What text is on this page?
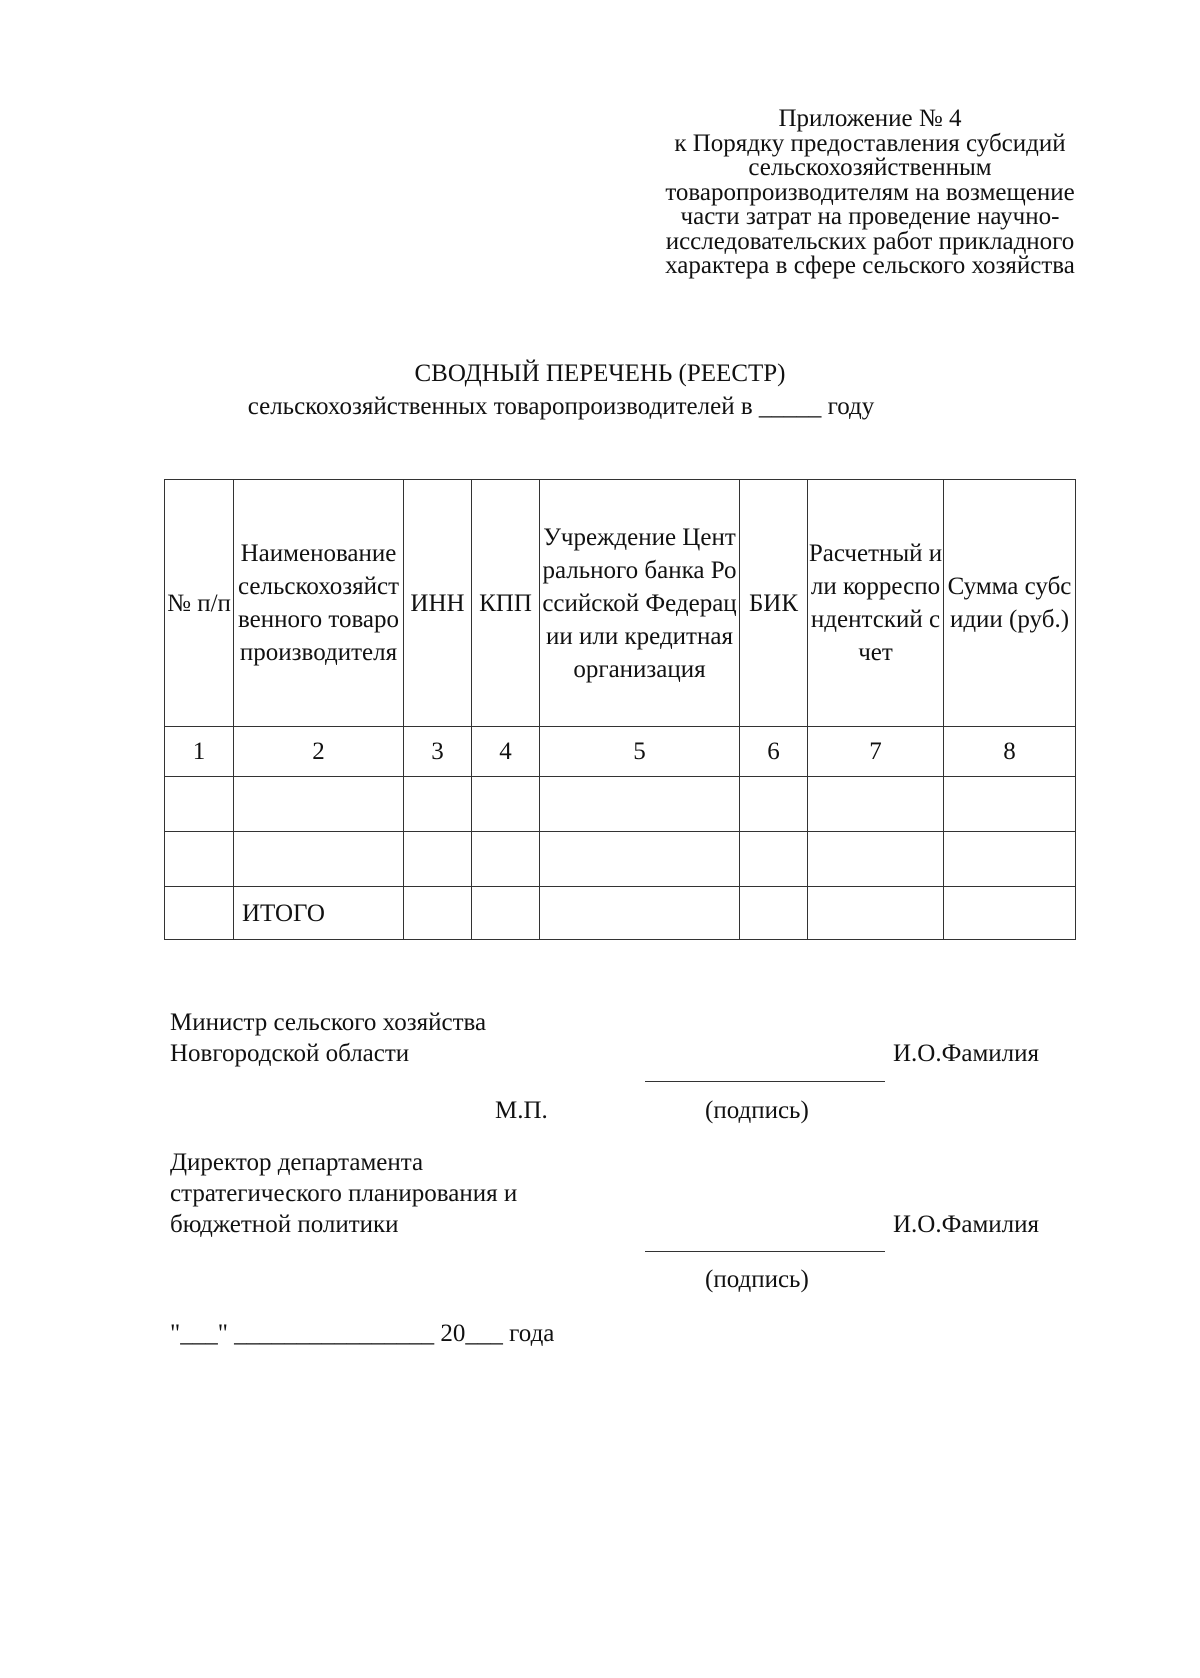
Приложение № 4
к Порядку предоставления субсидий
сельскохозяйственным
товаропроизводителям на возмещение
части затрат на проведение научно-
исследовательских работ прикладного
характера в сфере сельского хозяйства
СВОДНЫЙ ПЕРЕЧЕНЬ (РЕЕСТР)
сельскохозяйственных товаропроизводителей в _____ году
№ п/п	Наименование сельскохозяйственного товаропроизводителя	ИНН	КПП	Учреждение Центрального банка Российской Федерации или кредитная организация	БИК	Расчетный или корреспондентский счет	Сумма субсидии (руб.)
1	2	3	4	5	6	7	8

	ИТОГО						
Министр сельского хозяйства
Новгородской области	И.О.Фамилия
М.П.	(подпись)
Директор департамента
стратегического планирования и
бюджетной политики	И.О.Фамилия
(подпись)
"___" ________________ 20___ года
